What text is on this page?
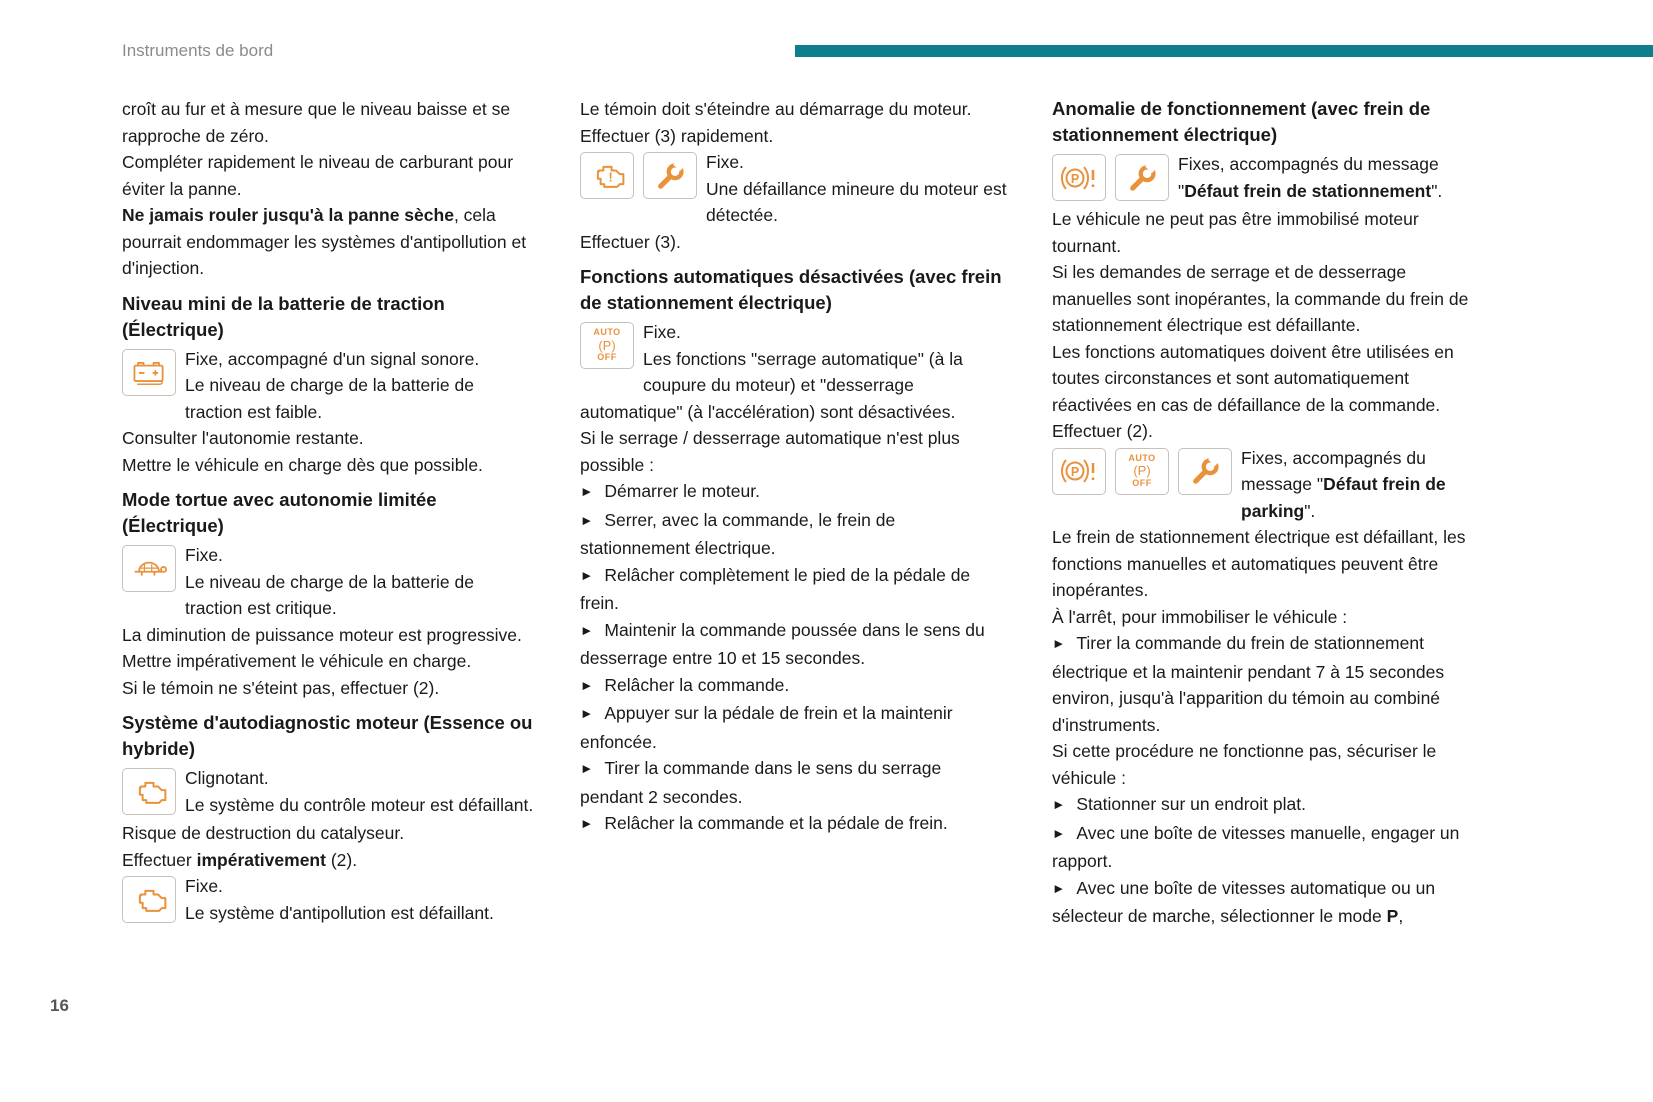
Instruments de bord

croît au fur et à mesure que le niveau baisse et se rapproche de zéro.

Compléter rapidement le niveau de carburant pour éviter la panne.

Ne jamais rouler jusqu'à la panne sèche, cela pourrait endommager les systèmes d'antipollution et d'injection.

Niveau mini de la batterie de traction (Électrique)

Fixe, accompagné d'un signal sonore.
Le niveau de charge de la batterie de traction est faible.

Consulter l'autonomie restante.

Mettre le véhicule en charge dès que possible.

Mode tortue avec autonomie limitée (Électrique)

Fixe.
Le niveau de charge de la batterie de traction est critique.

La diminution de puissance moteur est progressive.

Mettre impérativement le véhicule en charge.

Si le témoin ne s'éteint pas, effectuer (2).

Système d'autodiagnostic moteur (Essence ou hybride)

Clignotant.
Le système du contrôle moteur est défaillant.

Risque de destruction du catalyseur.

Effectuer impérativement (2).

Fixe.
Le système d'antipollution est défaillant.

Le témoin doit s'éteindre au démarrage du moteur.

Effectuer (3) rapidement.

!
Fixe.
Une défaillance mineure du moteur est détectée.

Effectuer (3).

Fonctions automatiques désactivées (avec frein de stationnement électrique)

AUTO
(P)
OFF
Fixe.
Les fonctions "serrage automatique" (à la coupure du moteur) et "desserrage automatique" (à l'accélération) sont désactivées.

Si le serrage / desserrage automatique n'est plus possible :

► Démarrer le moteur.

► Serrer, avec la commande, le frein de stationnement électrique.

► Relâcher complètement le pied de la pédale de frein.

► Maintenir la commande poussée dans le sens du desserrage entre 10 et 15 secondes.

► Relâcher la commande.

► Appuyer sur la pédale de frein et la maintenir enfoncée.

► Tirer la commande dans le sens du serrage pendant 2 secondes.

► Relâcher la commande et la pédale de frein.

Anomalie de fonctionnement (avec frein de stationnement électrique)

P
Fixes, accompagnés du message
"Défaut frein de stationnement".

Le véhicule ne peut pas être immobilisé moteur tournant.

Si les demandes de serrage et de desserrage manuelles sont inopérantes, la commande du frein de stationnement électrique est défaillante.

Les fonctions automatiques doivent être utilisées en toutes circonstances et sont automatiquement réactivées en cas de défaillance de la commande.

Effectuer (2).

P
AUTO
(P)
OFF
Fixes, accompagnés du
message "Défaut frein de parking".

Le frein de stationnement électrique est défaillant, les fonctions manuelles et automatiques peuvent être inopérantes.

À l'arrêt, pour immobiliser le véhicule :

► Tirer la commande du frein de stationnement électrique et la maintenir pendant 7 à 15 secondes environ, jusqu'à l'apparition du témoin au combiné d'instruments.

Si cette procédure ne fonctionne pas, sécuriser le véhicule :

► Stationner sur un endroit plat.

► Avec une boîte de vitesses manuelle, engager un rapport.

► Avec une boîte de vitesses automatique ou un sélecteur de marche, sélectionner le mode P,

16
